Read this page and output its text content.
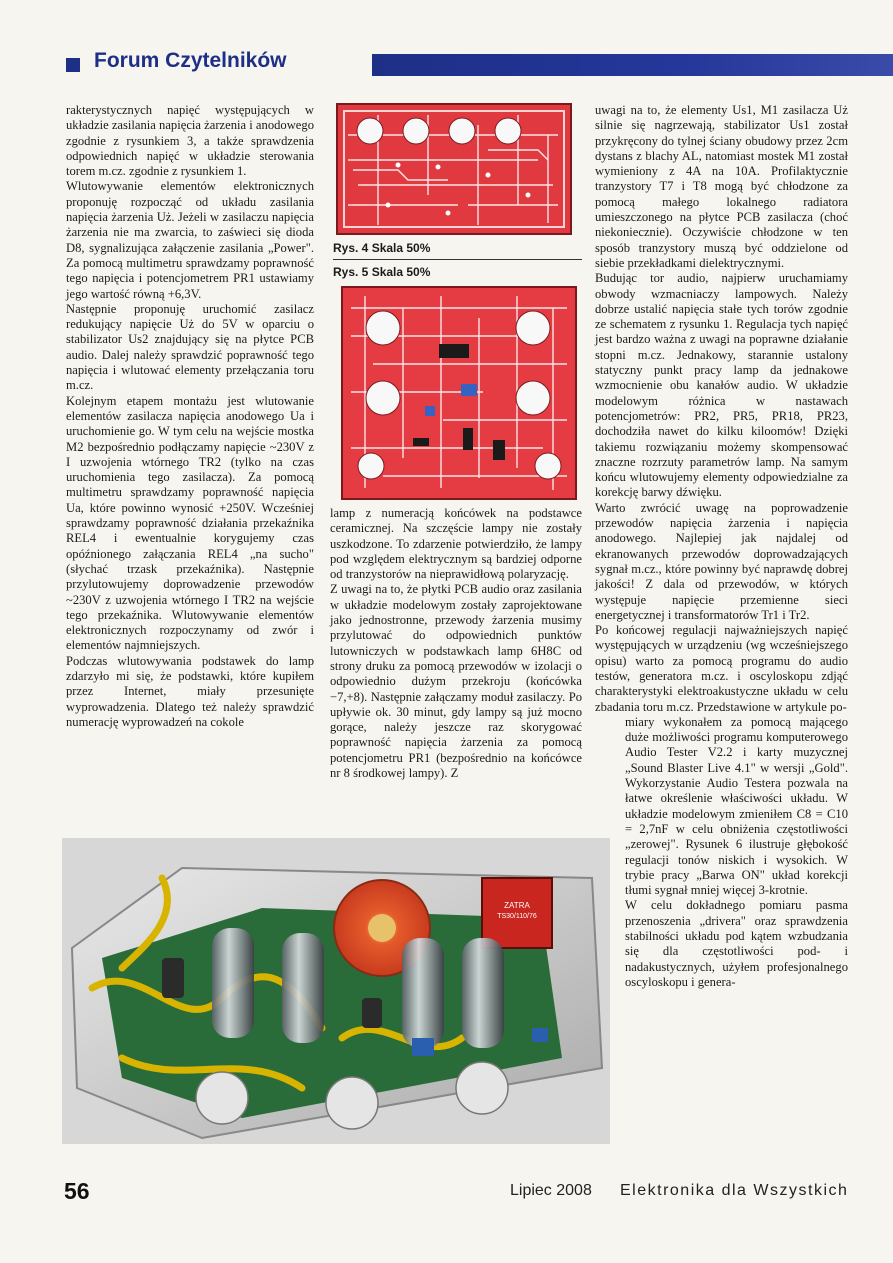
Forum Czytelników

rakterystycznych napięć występujących w układzie zasilania napięcia żarzenia i anodowego zgodnie z rysunkiem 3, a także sprawdzenia odpowiednich napięć w układzie sterowania torem m.cz. zgodnie z rysunkiem 1.

Wlutowywanie elementów elektronicznych proponuję rozpocząć od układu zasilania napięcia żarzenia Uż. Jeżeli w zasilaczu napięcia żarzenia nie ma zwarcia, to zaświeci się dioda D8, sygnalizująca załączenie zasilania „Power". Za pomocą multimetru sprawdzamy poprawność tego napięcia i potencjometrem PR1 ustawiamy jego wartość równą +6,3V.

Następnie proponuję uruchomić zasilacz redukujący napięcie Uż do 5V w oparciu o stabilizator Us2 znajdujący się na płytce PCB audio. Dalej należy sprawdzić poprawność tego napięcia i wlutować elementy przełączania toru m.cz.

Kolejnym etapem montażu jest wlutowanie elementów zasilacza napięcia anodowego Ua i uruchomienie go. W tym celu na wejście mostka M2 bezpośrednio podłączamy napięcie ~230V z I uzwojenia wtórnego TR2 (tylko na czas uruchomienia tego zasilacza). Za pomocą multimetru sprawdzamy poprawność napięcia Ua, które powinno wynosić +250V. Wcześniej sprawdzamy poprawność działania przekaźnika REL4 i ewentualnie korygujemy czas opóźnionego załączania REL4 „na sucho" (słychać trzask przekaźnika). Następnie przylutowujemy doprowadzenie przewodów ~230V z uzwojenia wtórnego I TR2 na wejście tego przekaźnika. Wlutowywanie elementów elektronicznych rozpoczynamy od zwór i elementów najmniejszych.

Podczas wlutowywania podstawek do lamp zdarzyło mi się, że podstawki, które kupiłem przez Internet, miały przesunięte wyprowadzenia. Dlatego też należy sprawdzić numerację wyprowadzeń na cokole

Rys. 4 Skala 50%
Rys. 5 Skala 50%

lamp z numeracją końcówek na podstawce ceramicznej. Na szczęście lampy nie zostały uszkodzone. To zdarzenie potwierdziło, że lampy pod względem elektrycznym są bardziej odporne od tranzystorów na nieprawidłową polaryzację.

Z uwagi na to, że płytki PCB audio oraz zasilania w układzie modelowym zostały zaprojektowane jako jednostronne, przewody żarzenia musimy przylutować do odpowiednich punktów lutowniczych w podstawkach lamp 6H8C od strony druku za pomocą przewodów w izolacji o odpowiednio dużym przekroju (końcówka −7,+8). Następnie załączamy moduł zasilaczy. Po upływie ok. 30 minut, gdy lampy są już mocno gorące, należy jeszcze raz skorygować poprawność napięcia żarzenia za pomocą potencjometru PR1 (bezpośrednio na końcówce nr 8 środkowej lampy). Z

uwagi na to, że elementy Us1, M1 zasilacza Uż silnie się nagrzewają, stabilizator Us1 został przykręcony do tylnej ściany obudowy przez 2cm dystans z blachy AL, natomiast mostek M1 został wymieniony z 4A na 10A. Profilaktycznie tranzystory T7 i T8 mogą być chłodzone za pomocą małego lokalnego radiatora umieszczonego na płytce PCB zasilacza (choć niekoniecznie). Oczywiście chłodzone w ten sposób tranzystory muszą być oddzielone od siebie przekładkami dielektrycznymi.

Budując tor audio, najpierw uruchamiamy obwody wzmacniaczy lampowych. Należy dobrze ustalić napięcia stałe tych torów zgodnie ze schematem z rysunku 1. Regulacja tych napięć jest bardzo ważna z uwagi na poprawne działanie stopni m.cz. Jednakowy, starannie ustalony statyczny punkt pracy lamp da jednakowe wzmocnienie obu kanałów audio. W układzie modelowym różnica w nastawach potencjometrów: PR2, PR5, PR18, PR23, dochodziła nawet do kilku kiloomów! Dzięki takiemu rozwiązaniu możemy skompensować znaczne rozrzuty parametrów lamp. Na samym końcu wlutowujemy elementy odpowiedzialne za korekcję barwy dźwięku.

Warto zwrócić uwagę na poprowadzenie przewodów napięcia żarzenia i napięcia anodowego. Najlepiej jak najdalej od ekranowanych przewodów doprowadzających sygnał m.cz., które powinny być naprawdę dobrej jakości! Z dala od przewodów, w których występuje napięcie przemienne sieci energetycznej i transformatorów Tr1 i Tr2.

Po końcowej regulacji najważniejszych napięć występujących w urządzeniu (wg wcześniejszego opisu) warto za pomocą programu do audio testów, generatora m.cz. i oscyloskopu zdjąć charakterystyki elektroakustyczne układu w celu zbadania toru m.cz. Przedstawione w artykule po-

miary wykonałem za pomocą mającego duże możliwości programu komputerowego Audio Tester V2.2 i karty muzycznej „Sound Blaster Live 4.1" w wersji „Gold". Wykorzystanie Audio Testera pozwala na łatwe określenie właściwości układu. W układzie modelowym zmieniłem C8 = C10 = 2,7nF w celu obniżenia częstotliwości „zerowej". Rysunek 6 ilustruje głębokość regulacji tonów niskich i wysokich. W trybie pracy „Barwa ON" układ korekcji tłumi sygnał mniej więcej 3-krotnie.

W celu dokładnego pomiaru pasma przenoszenia „drivera" oraz sprawdzenia stabilności układu pod kątem wzbudzania się dla częstotliwości pod- i nadakustycznych, użyłem profesjonalnego oscyloskopu i genera-

ZATRA
TS30/110/76
56	Lipiec 2008 Elektronika dla Wszystkich
